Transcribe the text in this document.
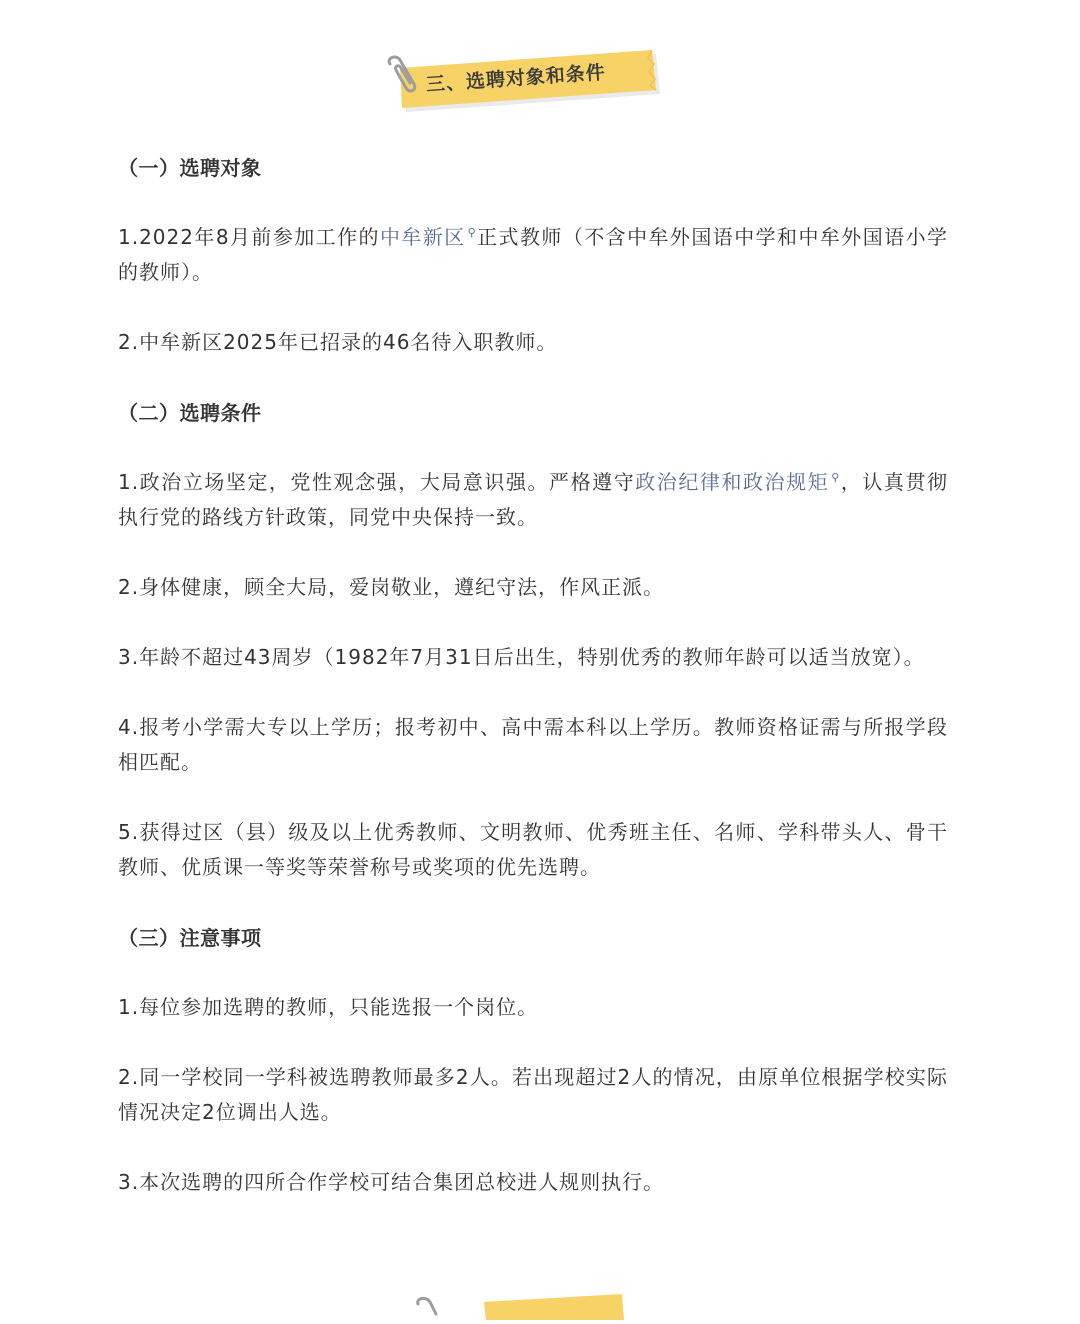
三、选聘对象和条件
（一）选聘对象

1.2022年8月前参加工作的中牟新区 ⚲正式教师（不含中牟外国语中学和中牟外国语小学的教师）。

2.中牟新区2025年已招录的46名待入职教师。

（二）选聘条件

1.政治立场坚定，党性观念强，大局意识强。严格遵守政治纪律和政治规矩 ⚲，认真贯彻执行党的路线方针政策，同党中央保持一致。

2.身体健康，顾全大局，爱岗敬业，遵纪守法，作风正派。

3.年龄不超过43周岁（1982年7月31日后出生，特别优秀的教师年龄可以适当放宽）。

4.报考小学需大专以上学历；报考初中、高中需本科以上学历。教师资格证需与所报学段相匹配。

5.获得过区（县）级及以上优秀教师、文明教师、优秀班主任、名师、学科带头人、骨干教师、优质课一等奖等荣誉称号或奖项的优先选聘。

（三）注意事项

1.每位参加选聘的教师，只能选报一个岗位。

2.同一学校同一学科被选聘教师最多2人。若出现超过2人的情况，由原单位根据学校实际情况决定2位调出人选。

3.本次选聘的四所合作学校可结合集团总校进人规则执行。
